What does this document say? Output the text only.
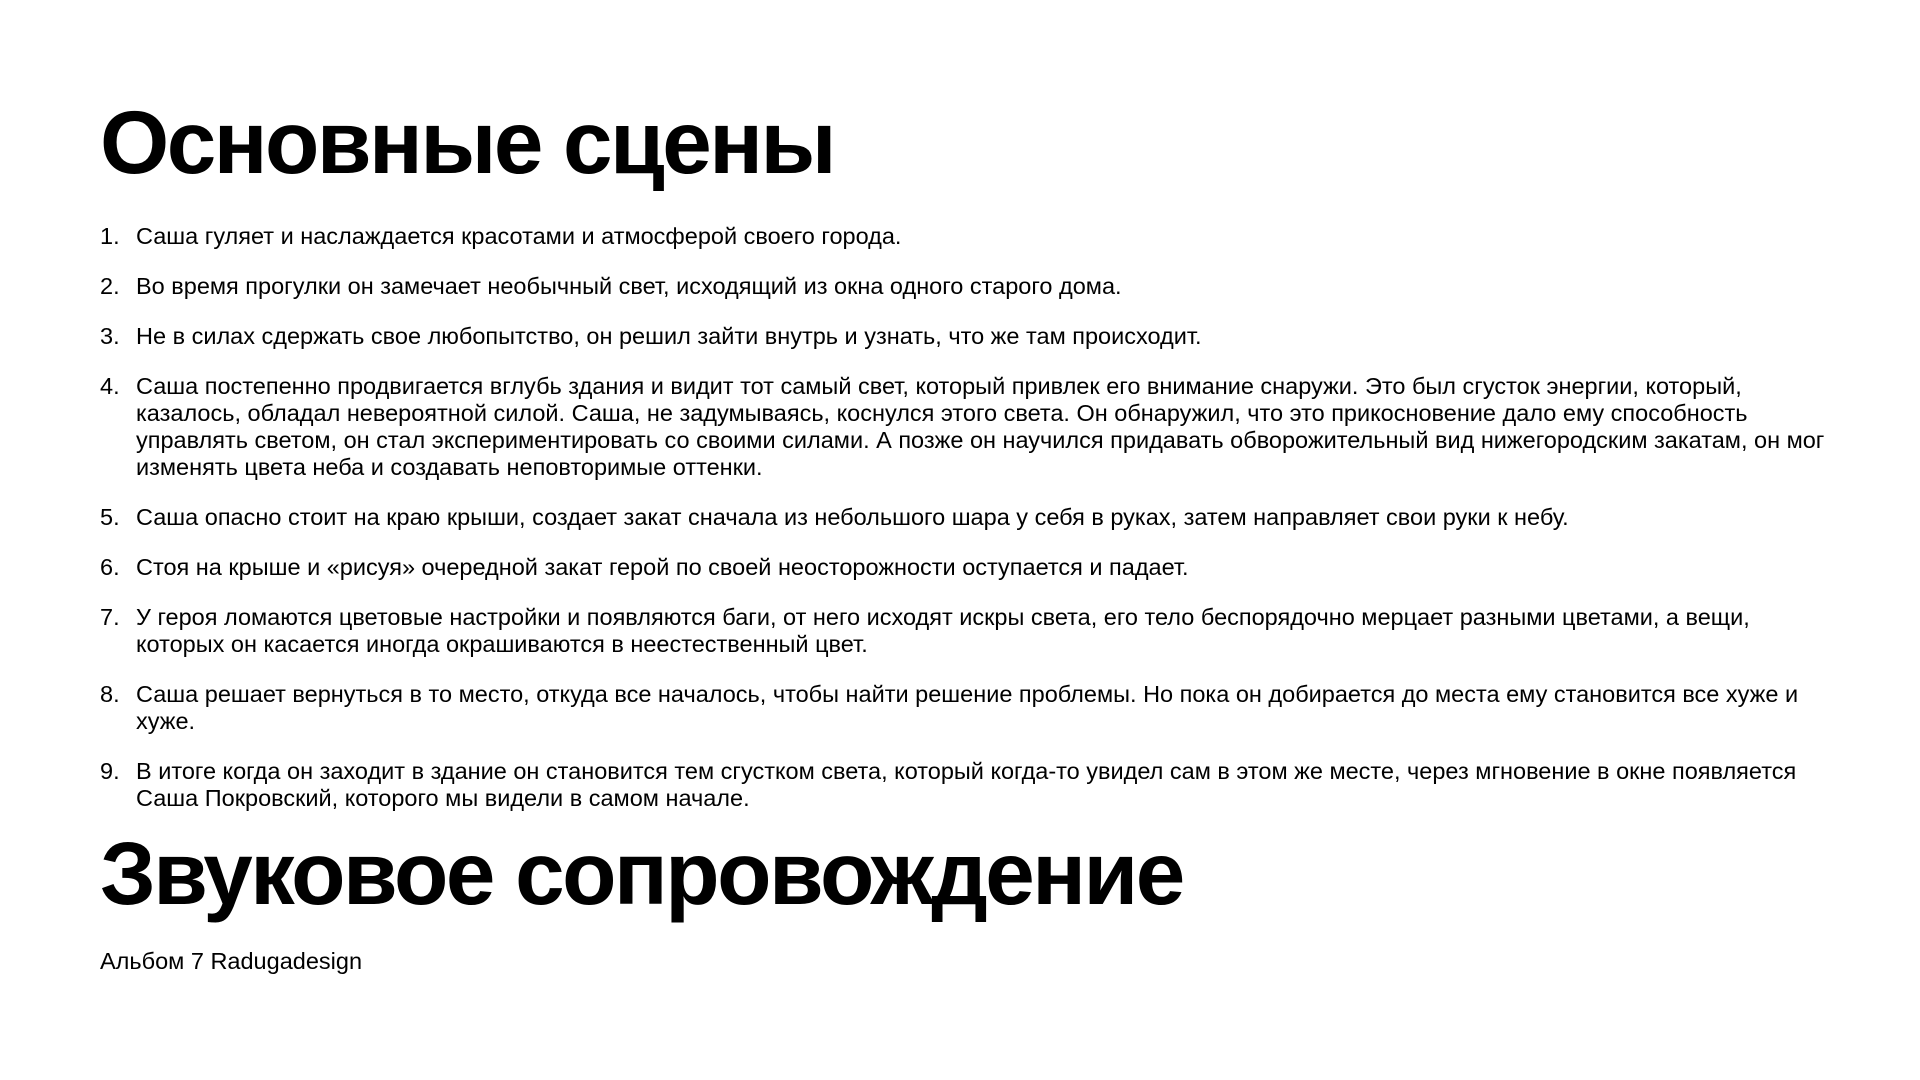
Основные сцены
1. Саша гуляет и наслаждается красотами и атмосферой своего города.
2. Во время прогулки он замечает необычный свет, исходящий из окна одного старого дома.
3. Не в силах сдержать свое любопытство, он решил зайти внутрь и узнать, что же там происходит.
4. Саша постепенно продвигается вглубь здания и видит тот самый свет, который привлек его внимание снаружи. Это был сгусток энергии, который, казалось, обладал невероятной силой. Саша, не задумываясь, коснулся этого света. Он обнаружил, что это прикосновение дало ему способность управлять светом, он стал экспериментировать со своими силами. А позже он научился придавать обворожительный вид нижегородским закатам, он мог изменять цвета неба и создавать неповторимые оттенки.
5. Саша опасно стоит на краю крыши, создает закат сначала из небольшого шара у себя в руках, затем направляет свои руки к небу.
6. Стоя на крыше и «рисуя» очередной закат герой по своей неосторожности оступается и падает.
7. У героя ломаются цветовые настройки и появляются баги, от него исходят искры света, его тело беспорядочно мерцает разными цветами, а вещи, которых он касается иногда окрашиваются в неестественный цвет.
8. Саша решает вернуться в то место, откуда все началось, чтобы найти решение проблемы. Но пока он добирается до места ему становится все хуже и хуже.
9. В итоге когда он заходит в здание он становится тем сгустком света, который когда-то увидел сам в этом же месте, через мгновение в окне появляется Саша Покровский, которого мы видели в самом начале.
Звуковое сопровождение

Альбом 7 Radugadesign
